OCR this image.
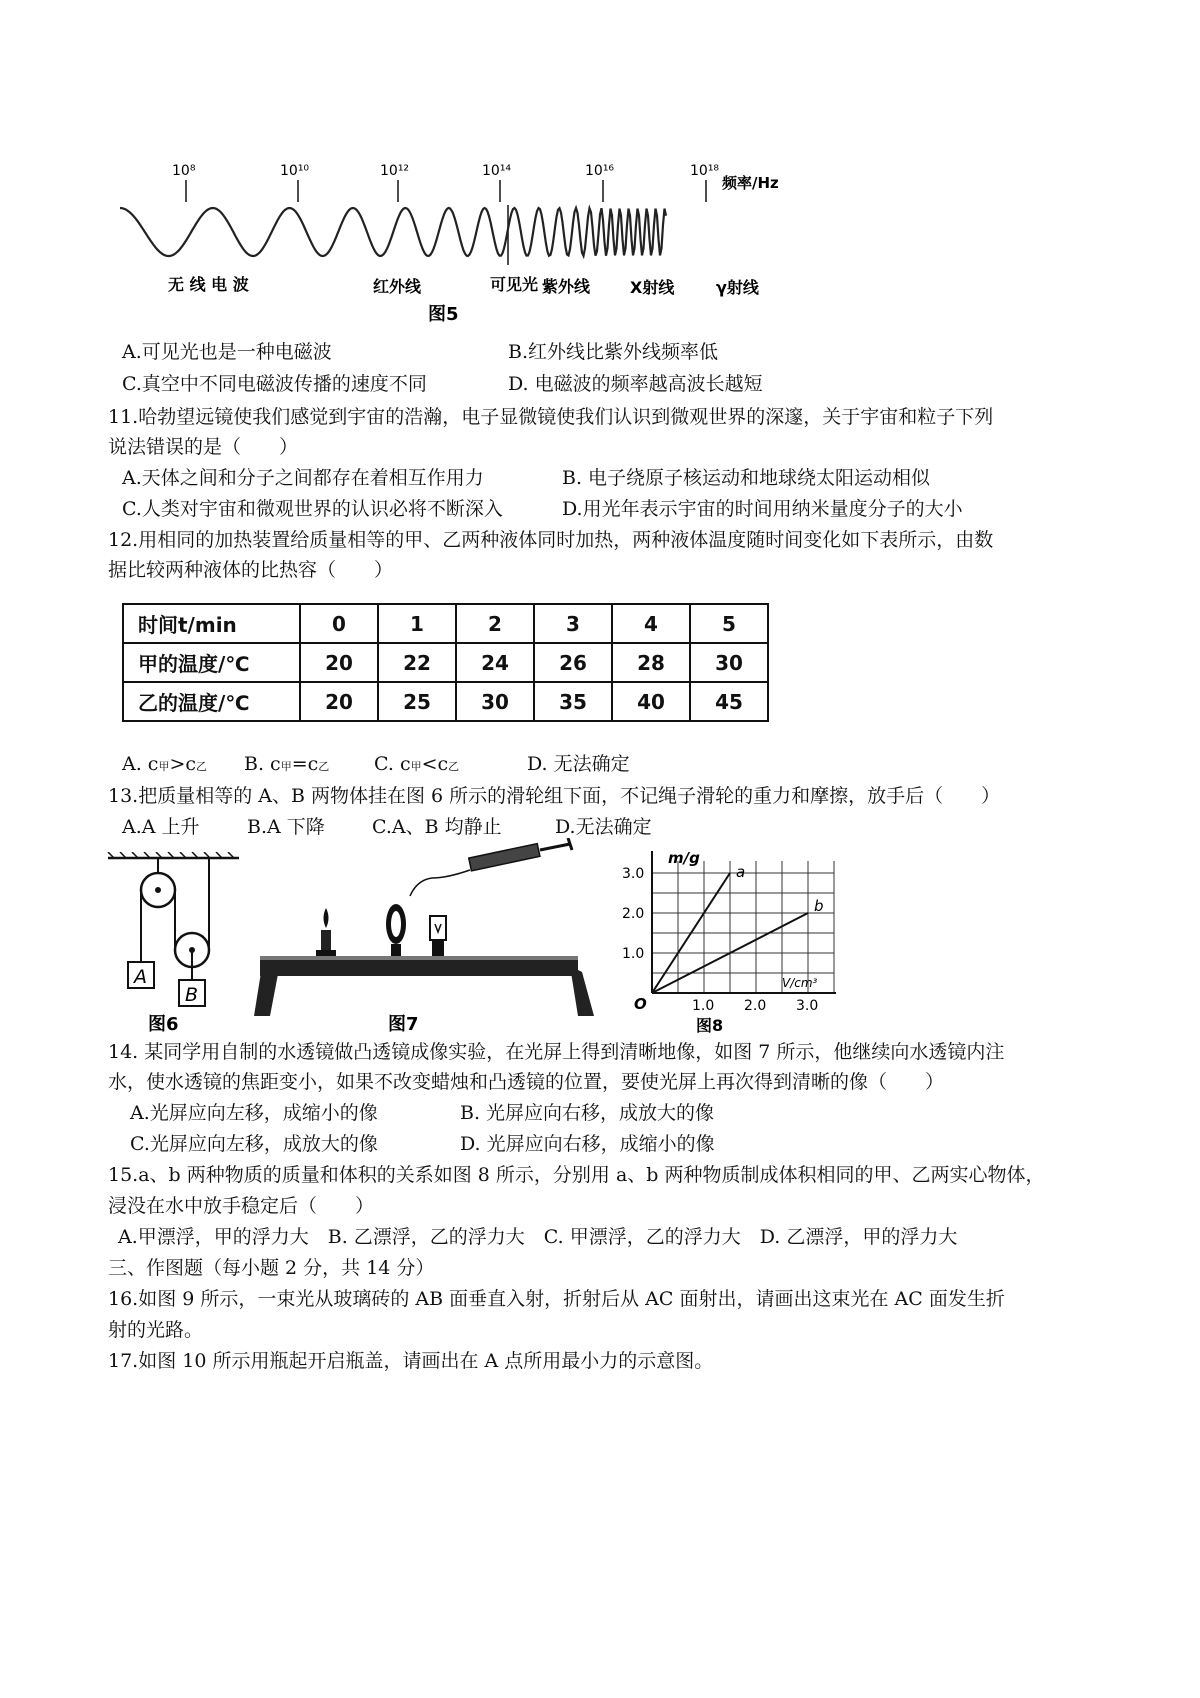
10⁸	10¹⁰	10¹²	10¹⁴	10¹⁶	10¹⁸
频率/Hz
无 线 电 波	红外线	可见光 紫外线 X射线	γ射线
图5
A.可见光也是一种电磁波	B.红外线比紫外线频率低
C.真空中不同电磁波传播的速度不同	D. 电磁波的频率越高波长越短
11.哈勃望远镜使我们感觉到宇宙的浩瀚，电子显微镜使我们认识到微观世界的深邃，关于宇宙和粒子下列
说法错误的是（　　）
A.天体之间和分子之间都存在着相互作用力	B. 电子绕原子核运动和地球绕太阳运动相似
C.人类对宇宙和微观世界的认识必将不断深入	D.用光年表示宇宙的时间用纳米量度分子的大小
12.用相同的加热装置给质量相等的甲、乙两种液体同时加热，两种液体温度随时间变化如下表所示，由数
据比较两种液体的比热容（　　）
时间t/min	0	1	2	3	4	5
甲的温度/℃	20	22	24	26	28	30
乙的温度/℃	20	25	30	35	40	45
A. c甲>c乙 B. c甲=c乙 C. c甲<c乙	D. 无法确定
13.把质量相等的 A、B 两物体挂在图 6 所示的滑轮组下面，不记绳子滑轮的重力和摩擦，放手后（　　）
A.A 上升 B.A 下降 C.A、B 均静止	D.无法确定
A
B
图6	图7
m/g
V/cm³
O
1.0
2.0
3.0
1.0 2.0 3.0
a
b
图8
14. 某同学用自制的水透镜做凸透镜成像实验，在光屏上得到清晰地像，如图 7 所示，他继续向水透镜内注
水，使水透镜的焦距变小，如果不改变蜡烛和凸透镜的位置，要使光屏上再次得到清晰的像（　　）
A.光屏应向左移，成缩小的像	B. 光屏应向右移，成放大的像
C.光屏应向左移，成放大的像	D. 光屏应向右移，成缩小的像
15.a、b 两种物质的质量和体积的关系如图 8 所示，分别用 a、b 两种物质制成体积相同的甲、乙两实心物体，
浸没在水中放手稳定后（　　）
A.甲漂浮，甲的浮力大　B. 乙漂浮，乙的浮力大　C. 甲漂浮，乙的浮力大　D. 乙漂浮，甲的浮力大
三、作图题（每小题 2 分，共 14 分）
16.如图 9 所示，一束光从玻璃砖的 AB 面垂直入射，折射后从 AC 面射出，请画出这束光在 AC 面发生折
射的光路。
17.如图 10 所示用瓶起开启瓶盖，请画出在 A 点所用最小力的示意图。
